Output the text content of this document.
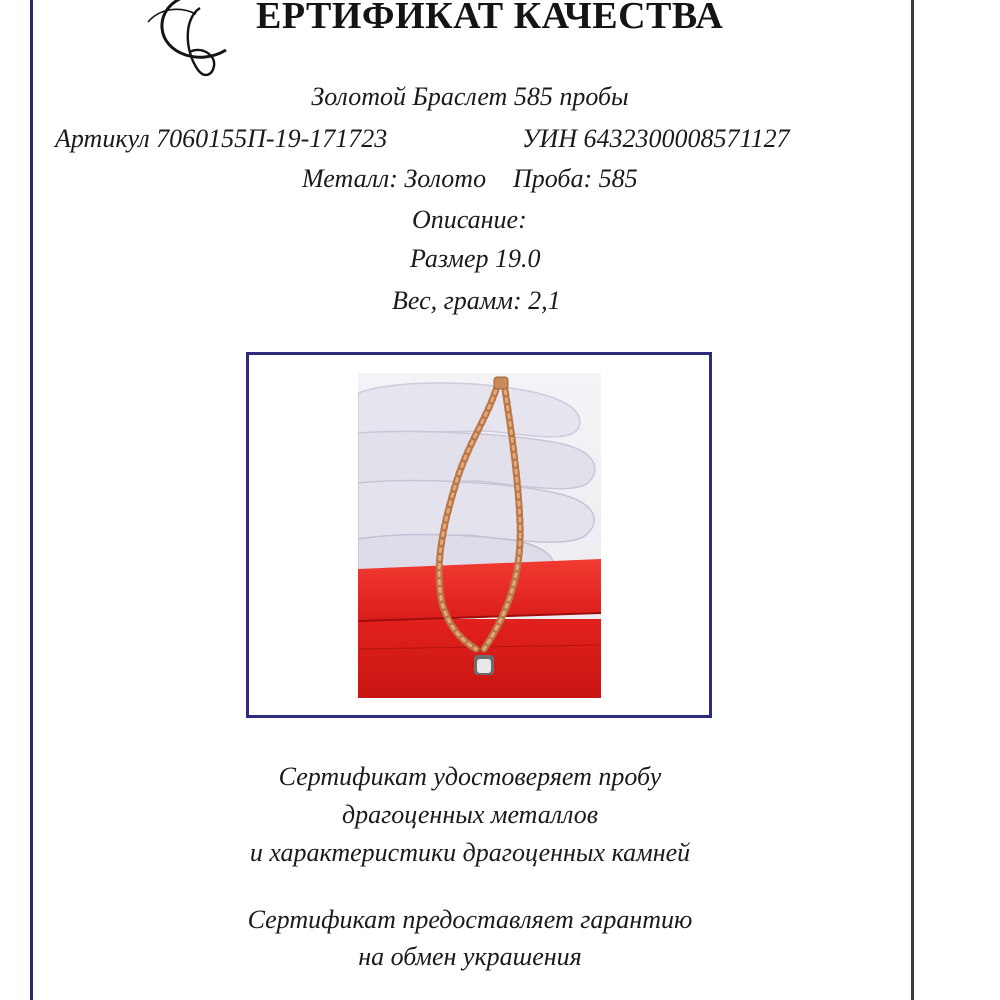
ЕРТИФИКАТ КАЧЕСТВА
Золотой Браслет 585 пробы
Артикул 7060155П-19-171723	УИН 6432300008571127
Металл: Золото Проба: 585
Описание:
Размер 19.0
Вес, грамм: 2,1
Сертификат удостоверяет пробу
драгоценных металлов
и характеристики драгоценных камней
Сертификат предоставляет гарантию
на обмен украшения
